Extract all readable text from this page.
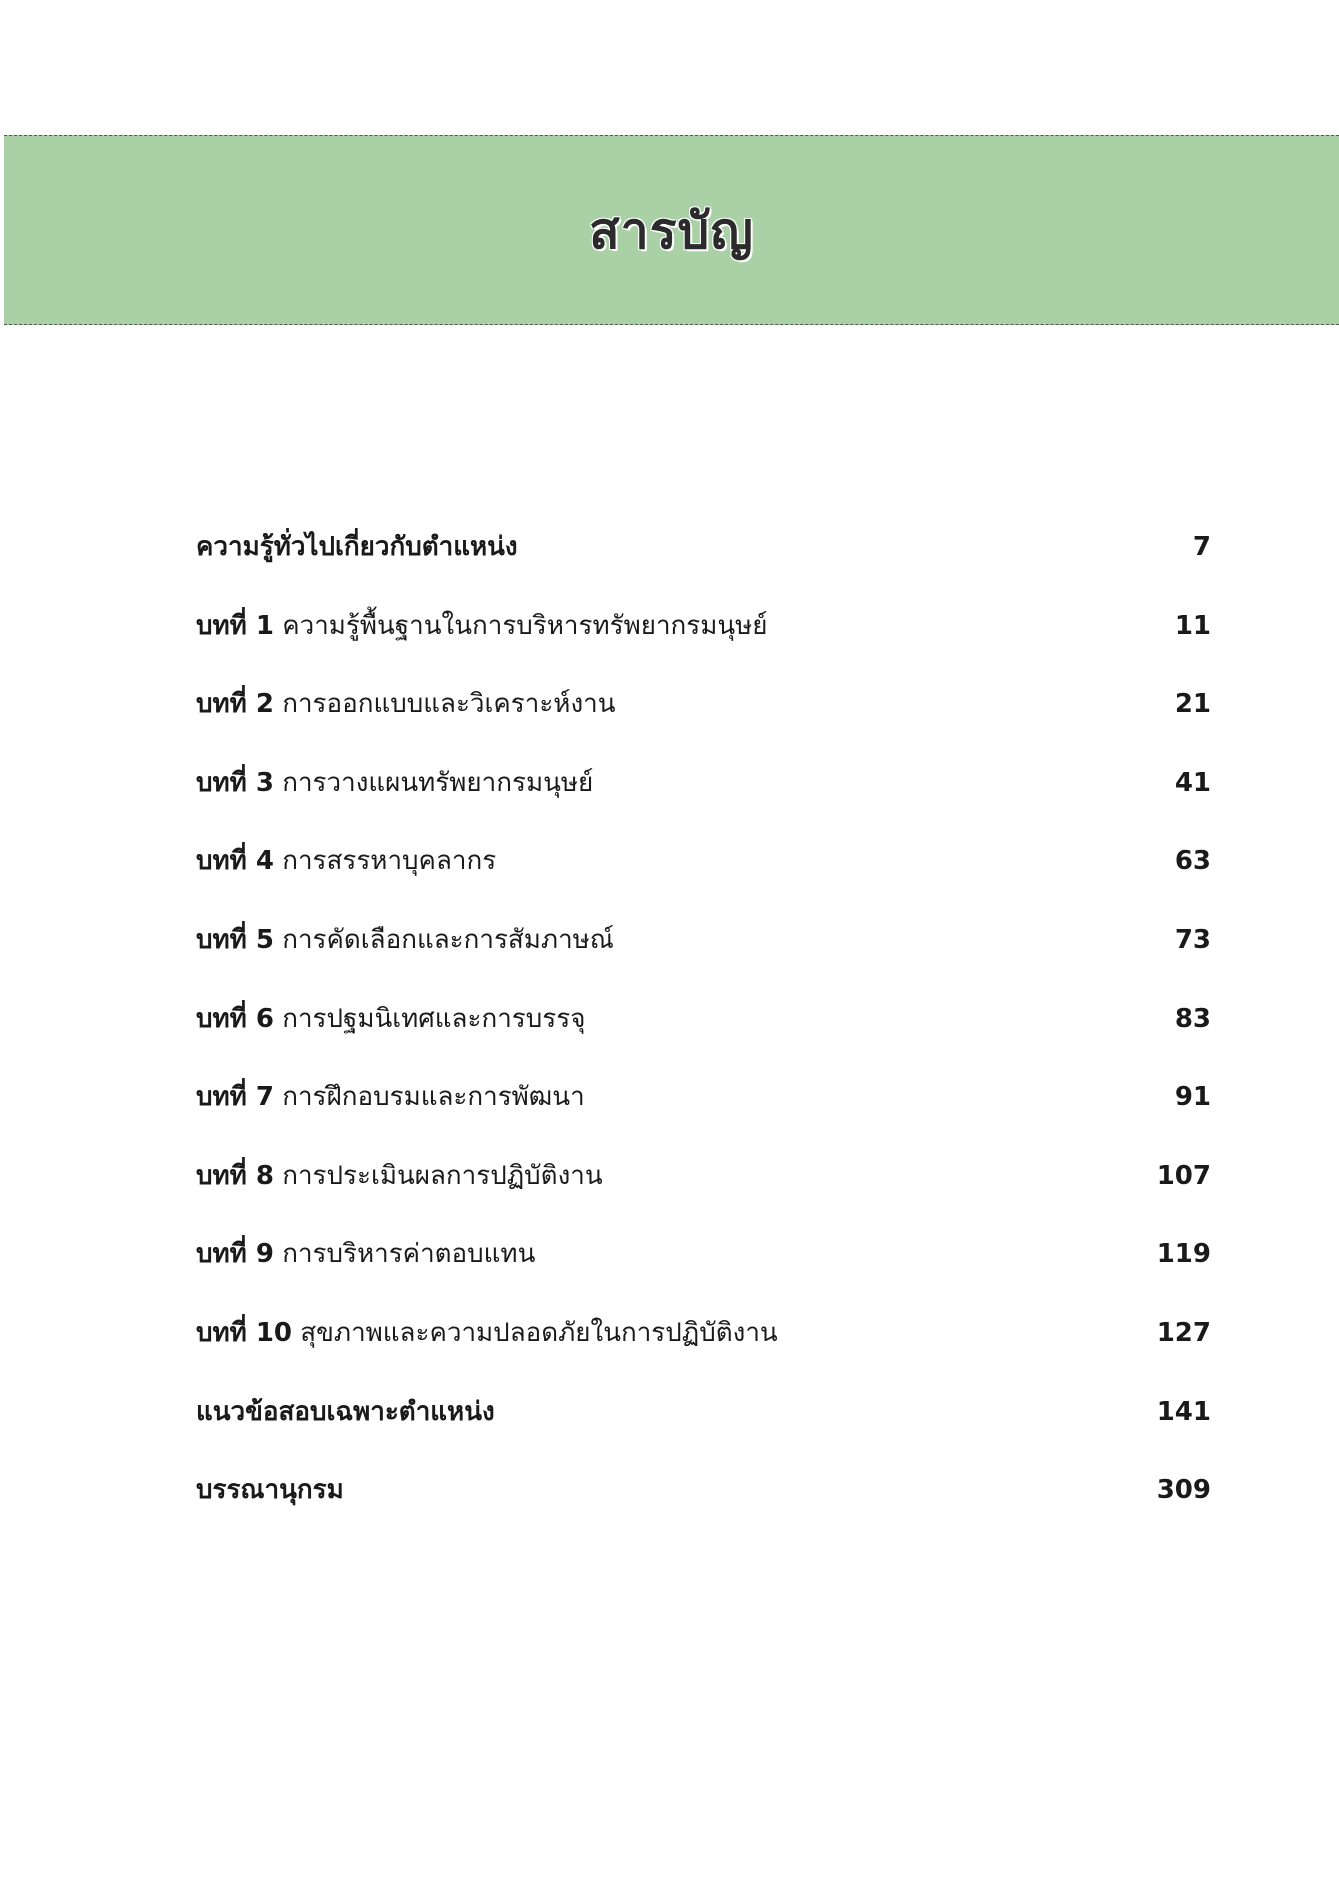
สารบัญ
ความรู้ทั่วไปเกี่ยวกับตำแหน่ง	7
บทที่ 1 ความรู้พื้นฐานในการบริหารทรัพยากรมนุษย์	11
บทที่ 2 การออกแบบและวิเคราะห์งาน	21
บทที่ 3 การวางแผนทรัพยากรมนุษย์	41
บทที่ 4 การสรรหาบุคลากร	63
บทที่ 5 การคัดเลือกและการสัมภาษณ์	73
บทที่ 6 การปฐมนิเทศและการบรรจุ	83
บทที่ 7 การฝึกอบรมและการพัฒนา	91
บทที่ 8 การประเมินผลการปฏิบัติงาน	107
บทที่ 9 การบริหารค่าตอบแทน	119
บทที่ 10 สุขภาพและความปลอดภัยในการปฏิบัติงาน	127
แนวข้อสอบเฉพาะตำแหน่ง	141
บรรณานุกรม	309
